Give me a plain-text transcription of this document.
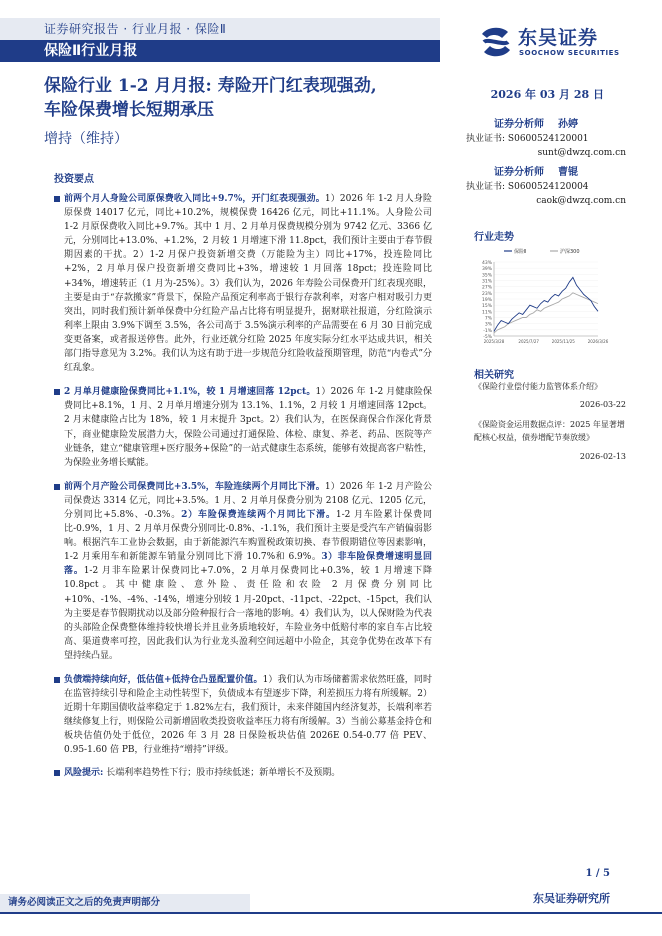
证券研究报告 · 行业月报 · 保险Ⅱ
保险Ⅱ行业月报
东吴证券
SOOCHOW SECURITIES
保险行业 1-2 月月报: 寿险开门红表现强劲,
车险保费增长短期承压
增持（维持）
2026 年 03 月 28 日
证券分析师 孙婷
执业证书:
S0600524120001
sunt@dwzq.com.cn
证券分析师 曹锟
执业证书:
S0600524120004
caok@dwzq.com.cn
投资要点
前两个月人身险公司原保费收入同比+9.7%，开门红表现强劲。1）2026 年 1-2 月人身险原保费 14017 亿元，同比+10.2%，规模保费 16426 亿元，同比+11.1%。人身险公司 1-2 月原保费收入同比+9.7%。其中 1 月、2 月单月保费规模分别为 9742 亿元、3366 亿元，分别同比+13.0%、+1.2%，2 月较 1 月增速下滑 11.8pct，我们预计主要由于春节假期因素的干扰。2）1-2 月保户投资新增交费（万能险为主）同比+17%，投连险同比+2%，2 月单月保户投资新增交费同比+3%，增速较 1 月回落 18pct；投连险同比+34%，增速转正（1 月为-25%）。3）我们认为，2026 年寿险公司保费开门红表现亮眼，主要是由于“存款搬家”背景下，保险产品预定利率高于银行存款利率，对客户相对吸引力更突出，同时我们预计新单保费中分红险产品占比将有明显提升，据财联社报道，分红险演示利率上限由 3.9%下调至 3.5%，各公司高于 3.5%演示利率的产品需要在 6 月 30 日前完成变更备案，或者报送停售。此外，行业还就分红险 2025 年度实际分红水平达成共识，相关部门指导意见为 3.2%。我们认为这有助于进一步规范分红险收益预期管理，防范“内卷式”分红乱象。
2 月单月健康险保费同比+1.1%，较 1 月增速回落 12pct。1）2026 年 1-2 月健康险保费同比+8.1%，1 月、2 月单月增速分别为 13.1%、1.1%，2 月较 1 月增速回落 12pct。2 月末健康险占比为 18%，较 1 月末提升 3pct。2）我们认为，在医保商保合作深化背景下，商业健康险发展潜力大，保险公司通过打通保险、体检、康复、养老、药品、医院等产业链条，建立“健康管理+医疗服务+保险”的一站式健康生态系统，能够有效提高客户粘性，为保险业务增长赋能。
前两个月产险公司保费同比+3.5%，车险连续两个月同比下滑。1）2026 年 1-2 月产险公司保费达 3314 亿元，同比+3.5%。1 月、2 月单月保费分别为 2108 亿元、1205 亿元，分别同比+5.8%、-0.3%。2）车险保费连续两个月同比下滑。1-2 月车险累计保费同比-0.9%，1 月、2 月单月保费分别同比-0.8%、-1.1%，我们预计主要是受汽车产销偏弱影响。根据汽车工业协会数据，由于新能源汽车购置税政策切换、春节假期错位等因素影响，1-2 月乘用车和新能源车销量分别同比下滑 10.7%和 6.9%。3）非车险保费增速明显回落。1-2 月非车险累计保费同比+7.0%，2 月单月保费同比+0.3%，较 1 月增速下降 10.8pct。其中健康险、意外险、责任险和农险 2 月保费分别同比+10%、-1%、-4%、-14%，增速分别较 1 月-20pct、-11pct、-22pct、-15pct，我们认为主要是春节假期扰动以及部分险种报行合一落地的影响。4）我们认为，以人保财险为代表的头部险企保费整体维持较快增长并且业务质地较好，车险业务中低赔付率的家自车占比较高、渠道费率可控，因此我们认为行业龙头盈利空间远超中小险企，其竞争优势在改革下有望持续凸显。
负债端持续向好，低估值+低持仓凸显配置价值。1）我们认为市场储蓄需求依然旺盛，同时在监管持续引导和险企主动性转型下，负债成本有望逐步下降，利差损压力将有所缓解。2）近期十年期国债收益率稳定于 1.82%左右，我们预计，未来伴随国内经济复苏，长端利率若继续修复上行，则保险公司新增固收类投资收益率压力将有所缓解。3）当前公募基金持仓和板块估值仍处于低位，2026 年 3 月 28 日保险板块估值 2026E 0.54-0.77 倍 PEV、0.95-1.60 倍 PB，行业维持“增持”评级。
风险提示: 长端利率趋势性下行；股市持续低迷；新单增长不及预期。
行业走势
-5%
-1%
3%
7%
11%
15%
19%
23%
27%
31%
35%
39%
43%
2025/3/28	2025/7/27	2025/11/25	2026/3/26
保险Ⅱ	沪深300
相关研究
《保险行业偿付能力监管体系介绍》
2026-03-22
《保险资金运用数据点评：2025 年显著增配核心权益，债券增配节奏放缓》
2026-02-13
1 / 5
东吴证券研究所
请务必阅读正文之后的免责声明部分
